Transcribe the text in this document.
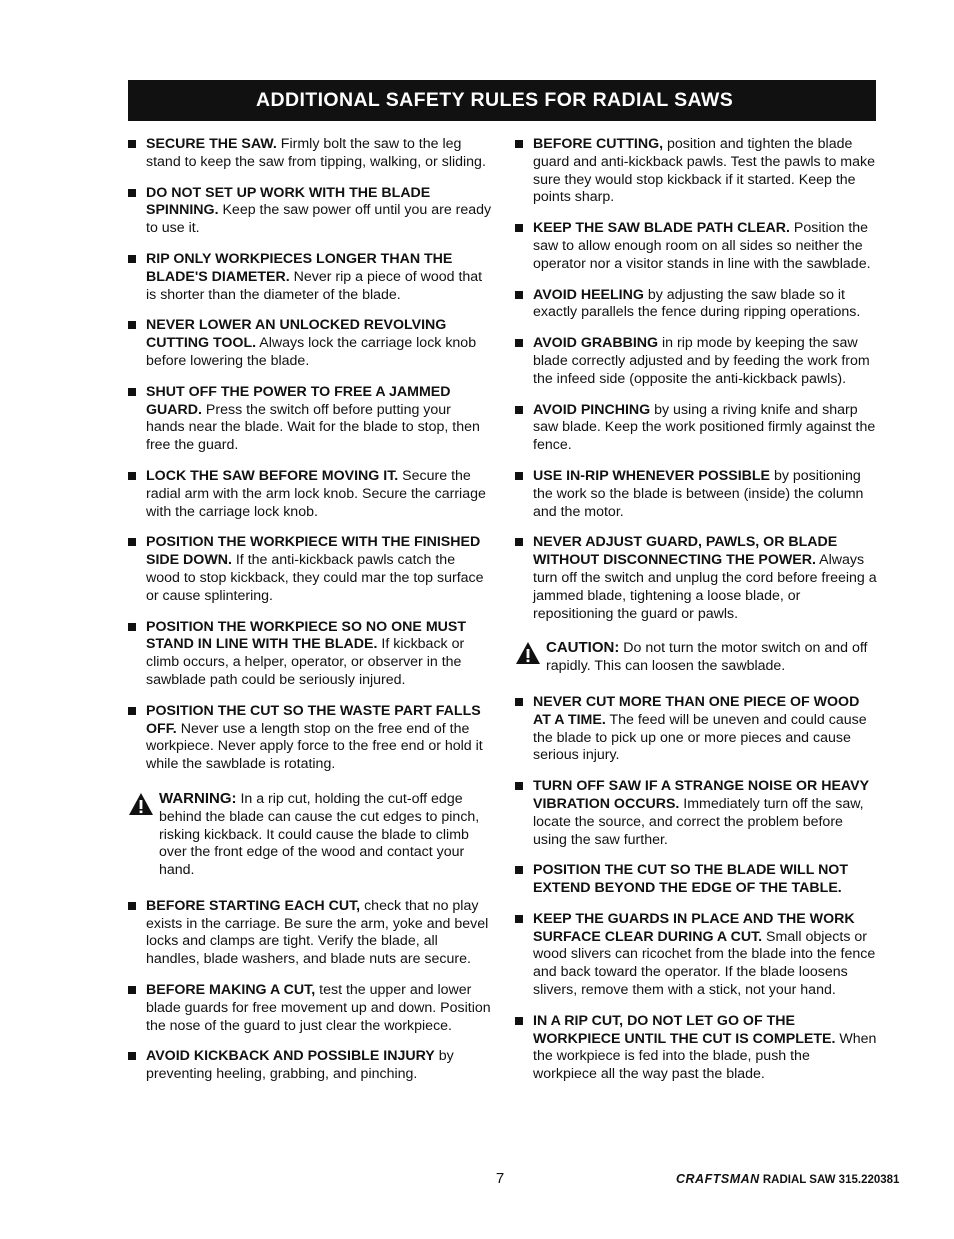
ADDITIONAL SAFETY RULES FOR RADIAL SAWS
SECURE THE SAW. Firmly bolt the saw to the leg stand to keep the saw from tipping, walking, or sliding.
DO NOT SET UP WORK WITH THE BLADE SPINNING. Keep the saw power off until you are ready to use it.
RIP ONLY WORKPIECES LONGER THAN THE BLADE'S DIAMETER. Never rip a piece of wood that is shorter than the diameter of the blade.
NEVER LOWER AN UNLOCKED REVOLVING CUTTING TOOL. Always lock the carriage lock knob before lowering the blade.
SHUT OFF THE POWER TO FREE A JAMMED GUARD. Press the switch off before putting your hands near the blade. Wait for the blade to stop, then free the guard.
LOCK THE SAW BEFORE MOVING IT. Secure the radial arm with the arm lock knob. Secure the carriage with the carriage lock knob.
POSITION THE WORKPIECE WITH THE FINISHED SIDE DOWN. If the anti-kickback pawls catch the wood to stop kickback, they could mar the top surface or cause splintering.
POSITION THE WORKPIECE SO NO ONE MUST STAND IN LINE WITH THE BLADE. If kickback or climb occurs, a helper, operator, or observer in the sawblade path could be seriously injured.
POSITION THE CUT SO THE WASTE PART FALLS OFF. Never use a length stop on the free end of the workpiece. Never apply force to the free end or hold it while the sawblade is rotating.
WARNING: In a rip cut, holding the cut-off edge behind the blade can cause the cut edges to pinch, risking kickback. It could cause the blade to climb over the front edge of the wood and contact your hand.
BEFORE STARTING EACH CUT, check that no play exists in the carriage. Be sure the arm, yoke and bevel locks and clamps are tight. Verify the blade, all handles, blade washers, and blade nuts are secure.
BEFORE MAKING A CUT, test the upper and lower blade guards for free movement up and down. Position the nose of the guard to just clear the workpiece.
AVOID KICKBACK AND POSSIBLE INJURY by preventing heeling, grabbing, and pinching.
BEFORE CUTTING, position and tighten the blade guard and anti-kickback pawls. Test the pawls to make sure they would stop kickback if it started. Keep the points sharp.
KEEP THE SAW BLADE PATH CLEAR. Position the saw to allow enough room on all sides so neither the operator nor a visitor stands in line with the sawblade.
AVOID HEELING by adjusting the saw blade so it exactly parallels the fence during ripping operations.
AVOID GRABBING in rip mode by keeping the saw blade correctly adjusted and by feeding the work from the infeed side (opposite the anti-kickback pawls).
AVOID PINCHING by using a riving knife and sharp saw blade. Keep the work positioned firmly against the fence.
USE IN-RIP WHENEVER POSSIBLE by positioning the work so the blade is between (inside) the column and the motor.
NEVER ADJUST GUARD, PAWLS, OR BLADE WITHOUT DISCONNECTING THE POWER. Always turn off the switch and unplug the cord before freeing a jammed blade, tightening a loose blade, or repositioning the guard or pawls.
CAUTION: Do not turn the motor switch on and off rapidly. This can loosen the sawblade.
NEVER CUT MORE THAN ONE PIECE OF WOOD AT A TIME. The feed will be uneven and could cause the blade to pick up one or more pieces and cause serious injury.
TURN OFF SAW IF A STRANGE NOISE OR HEAVY VIBRATION OCCURS. Immediately turn off the saw, locate the source, and correct the problem before using the saw further.
POSITION THE CUT SO THE BLADE WILL NOT EXTEND BEYOND THE EDGE OF THE TABLE.
KEEP THE GUARDS IN PLACE AND THE WORK SURFACE CLEAR DURING A CUT. Small objects or wood slivers can ricochet from the blade into the fence and back toward the operator. If the blade loosens slivers, remove them with a stick, not your hand.
IN A RIP CUT, DO NOT LET GO OF THE WORKPIECE UNTIL THE CUT IS COMPLETE. When the workpiece is fed into the blade, push the workpiece all the way past the blade.
7	CRAFTSMAN RADIAL SAW 315.220381
